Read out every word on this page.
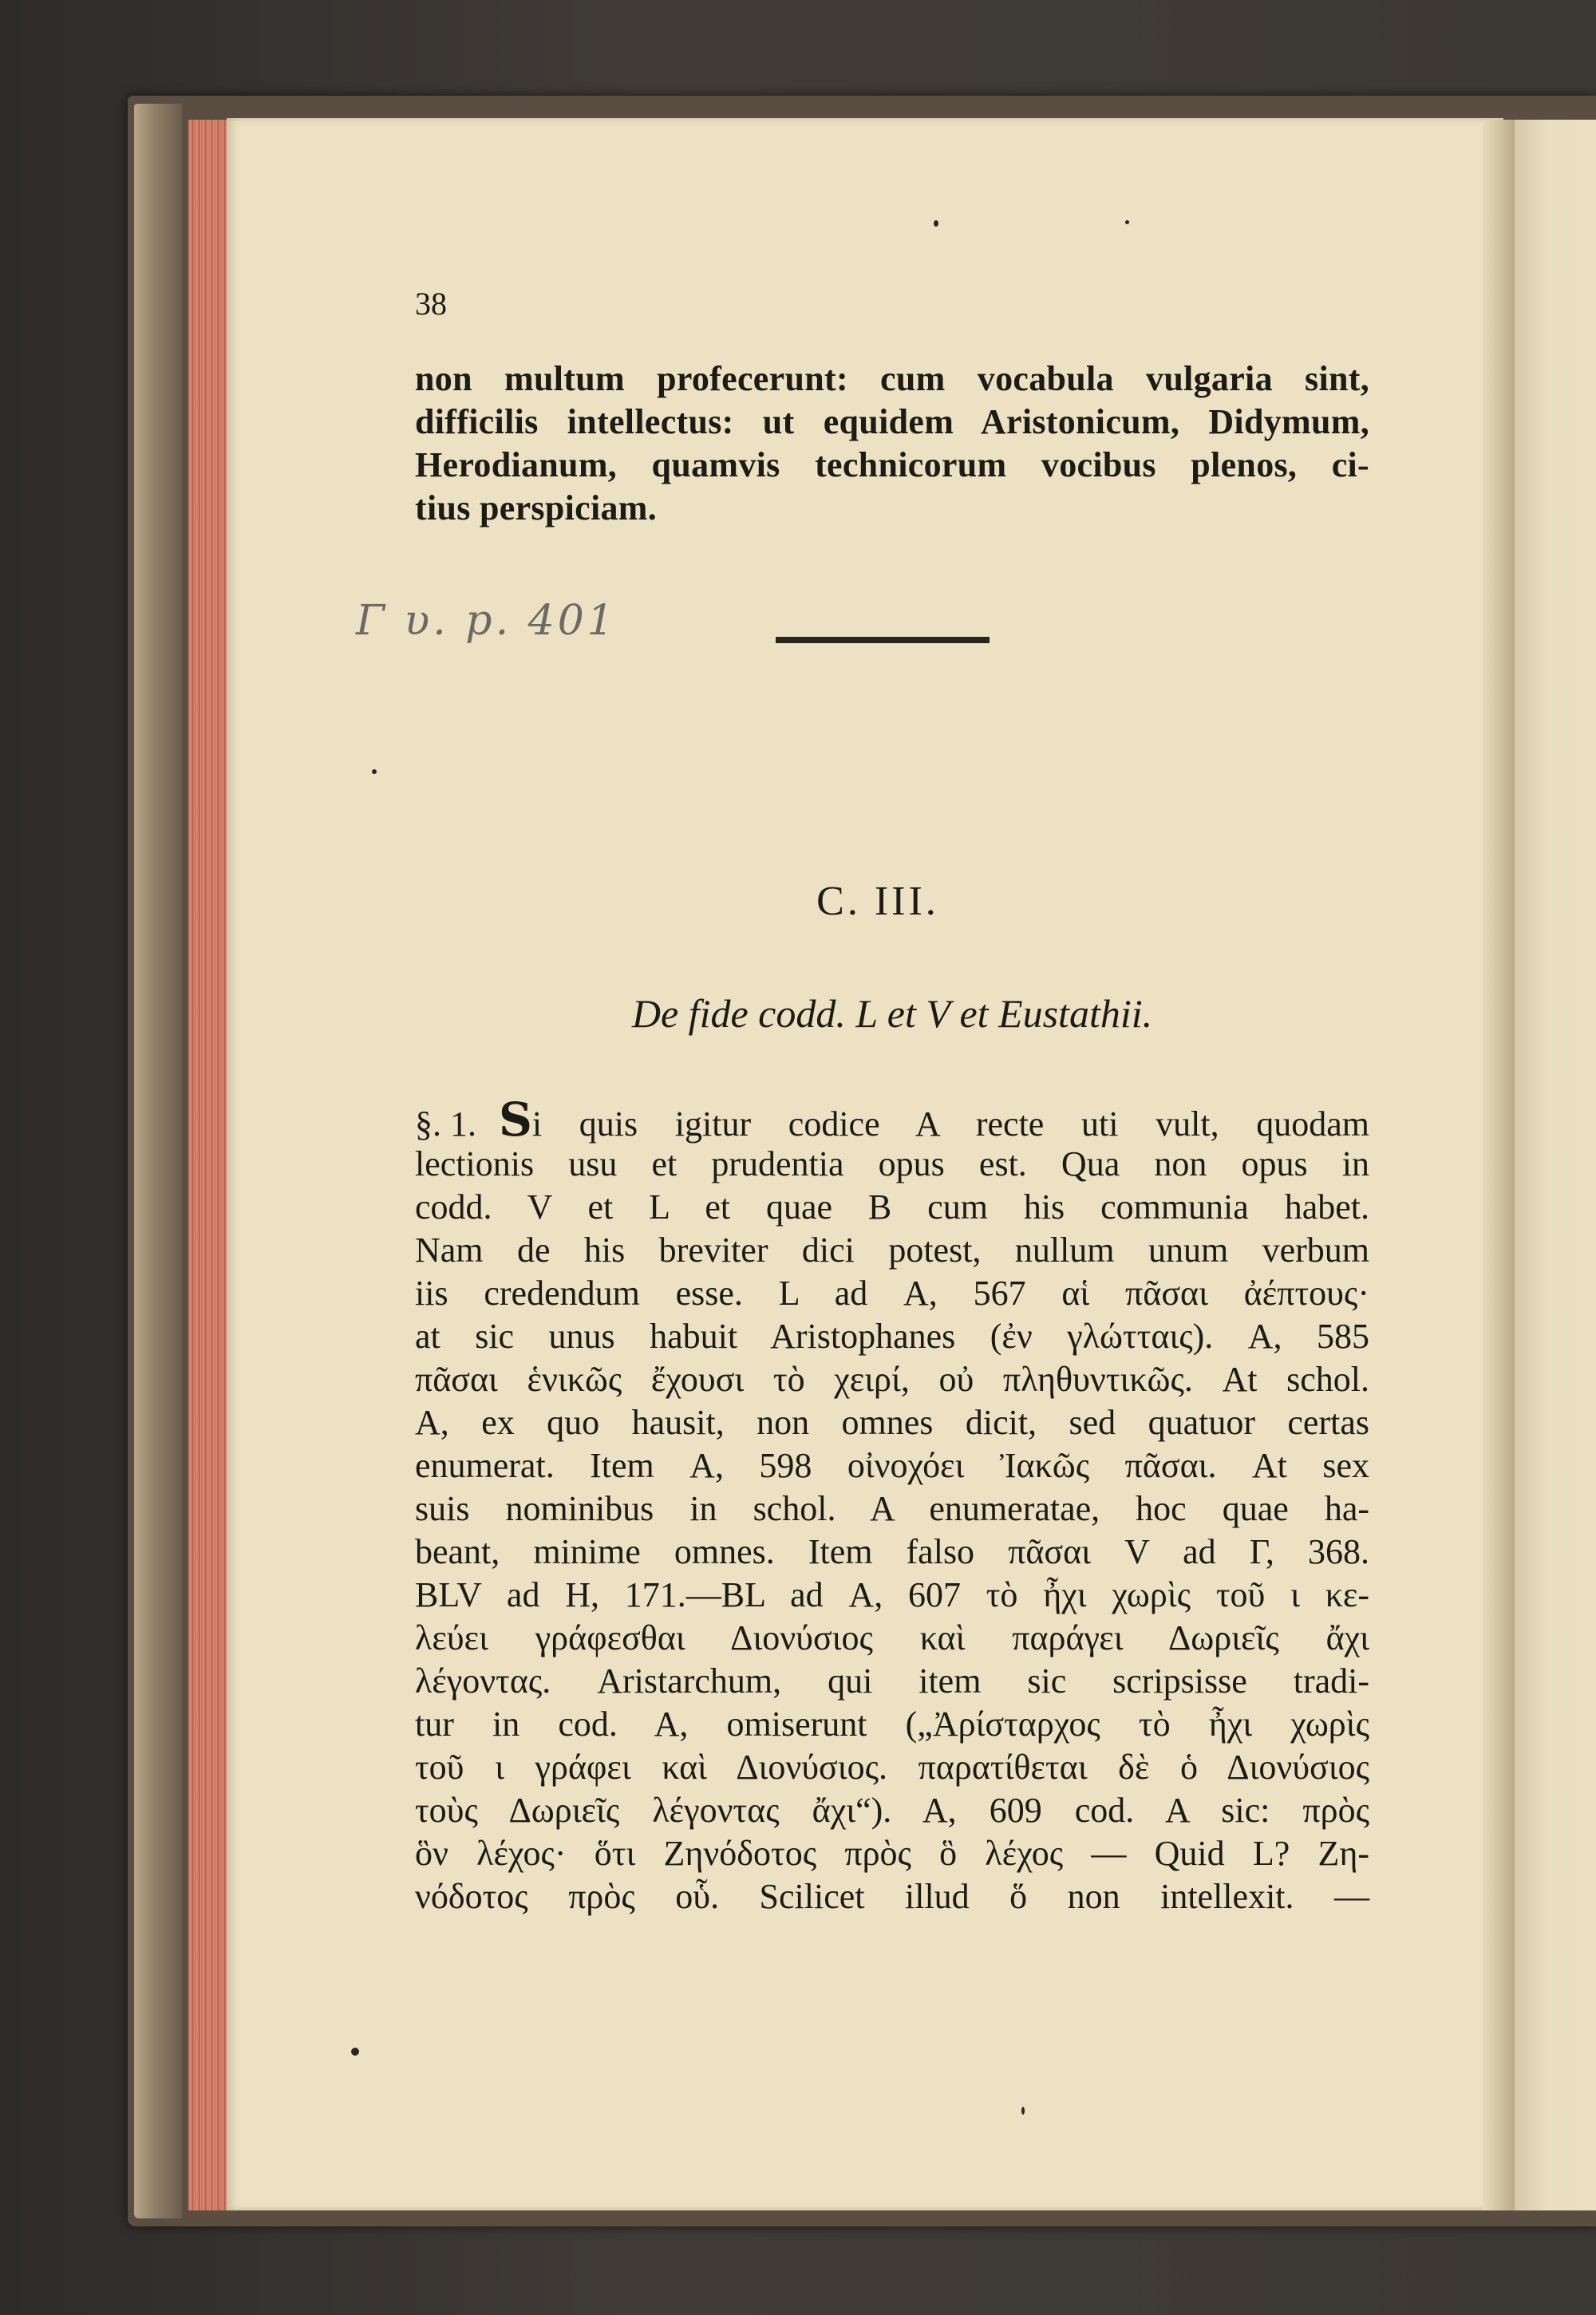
38
non multum profecerunt: cum vocabula vulgaria sint,
difficilis intellectus: ut equidem Aristonicum, Didymum,
Herodianum, quamvis technicorum vocibus plenos, ci-
tius perspiciam.
Γ υ. p. 401
C. III.
De fide codd. L et V et Eustathii.
§. 1. S i quis igitur codice A recte uti vult, quodam
lectionis usu et prudentia opus est. Qua non opus in
codd. V et L et quae B cum his communia habet.
Nam de his breviter dici potest, nullum unum verbum
iis credendum esse. L ad Α, 567 αἱ πᾶσαι ἀέπτους·
at sic unus habuit Aristophanes (ἐν γλώτταις). Α, 585
πᾶσαι ἑνικῶς ἔχουσι τὸ χειρί, οὐ πληθυντικῶς. At schol.
A, ex quo hausit, non omnes dicit, sed quatuor certas
enumerat. Item Α, 598 οἰνοχόει Ἰακῶς πᾶσαι. At sex
suis nominibus in schol. A enumeratae, hoc quae ha-
beant, minime omnes. Item falso πᾶσαι V ad Γ, 368.
BLV ad H, 171.—BL ad Α, 607 τὸ ἦχι χωρὶς τοῦ ι κε-
λεύει γράφεσθαι Διονύσιος καὶ παράγει Δωριεῖς ἄχι
λέγοντας. Aristarchum, qui item sic scripsisse tradi-
tur in cod. A, omiserunt („Ἀρίσταρχος τὸ ἦχι χωρὶς
τοῦ ι γράφει καὶ Διονύσιος. παρατίθεται δὲ ὁ Διονύσιος
τοὺς Δωριεῖς λέγοντας ἄχι“). Α, 609 cod. A sic: πρὸς
ὃν λέχος· ὅτι Ζηνόδοτος πρὸς ὃ λέχος — Quid L? Ζη-
νόδοτος πρὸς οὗ. Scilicet illud ὅ non intellexit. —
